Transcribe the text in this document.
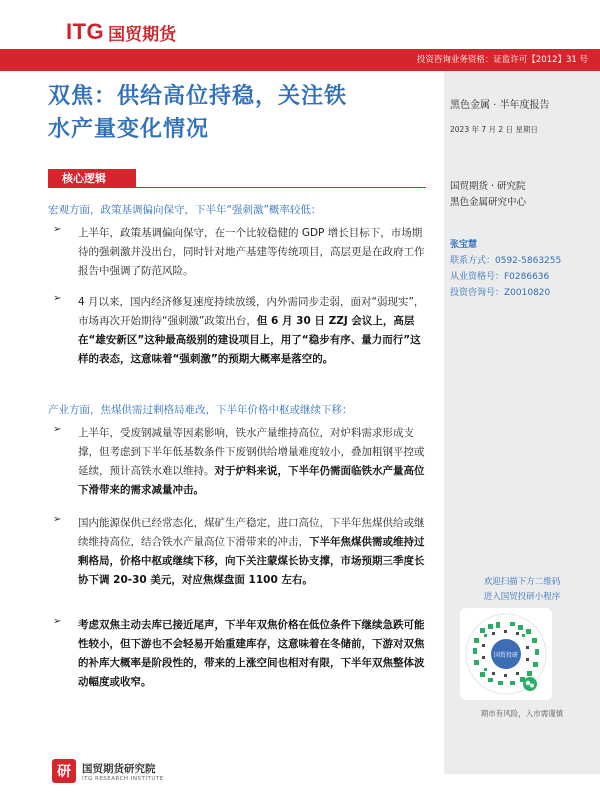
ITG 国贸期货
投资咨询业务资格：证监许可【2012】31 号
黑色金属 · 半年度报告
2023 年 7 月 2 日 星期日
国贸期货 · 研究院
黑色金属研究中心
张宝慧
联系方式：0592-5863255
从业资格号：F0286636
投资咨询号：Z0010820
欢迎扫描下方二维码
进入国贸投研小程序
国贸投研
期市有风险，入市需谨慎
双焦：供给高位持稳，关注铁
水产量变化情况
核心逻辑
宏观方面，政策基调偏向保守，下半年“强刺激”概率较低：
➢ 上半年，政策基调偏向保守，在一个比较稳健的 GDP 增长目标下，市场期待的强刺激并没出台，同时针对地产基建等传统项目，高层更是在政府工作报告中强调了防范风险。
➢ 4 月以来，国内经济修复速度持续放缓，内外需同步走弱，面对“弱现实”，市场再次开始期待“强刺激”政策出台，但 6 月 30 日 ZZJ 会议上，高层在“雄安新区”这种最高级别的建设项目上，用了“稳步有序、量力而行”这样的表态，这意味着“强刺激”的预期大概率是落空的。
产业方面，焦煤供需过剩格局难改，下半年价格中枢或继续下移：
➢ 上半年，受废钢减量等因素影响，铁水产量维持高位，对炉料需求形成支撑，但考虑到下半年低基数条件下废钢供给增量难度较小，叠加粗钢平控或延续，预计高铁水难以维持。对于炉料来说，下半年仍需面临铁水产量高位下滑带来的需求减量冲击。
➢ 国内能源保供已经常态化，煤矿生产稳定，进口高位，下半年焦煤供给或继续维持高位，结合铁水产量高位下滑带来的冲击，下半年焦煤供需或维持过剩格局，价格中枢或继续下移，向下关注蒙煤长协支撑，市场预期三季度长协下调 20-30 美元，对应焦煤盘面 1100 左右。
➢ 考虑双焦主动去库已接近尾声，下半年双焦价格在低位条件下继续急跌可能性较小，但下游也不会轻易开始重建库存，这意味着在冬储前，下游对双焦的补库大概率是阶段性的，带来的上涨空间也相对有限，下半年双焦整体波动幅度或收窄。
研	国贸期货研究院
ITG RESEARCH INSTITUTE
